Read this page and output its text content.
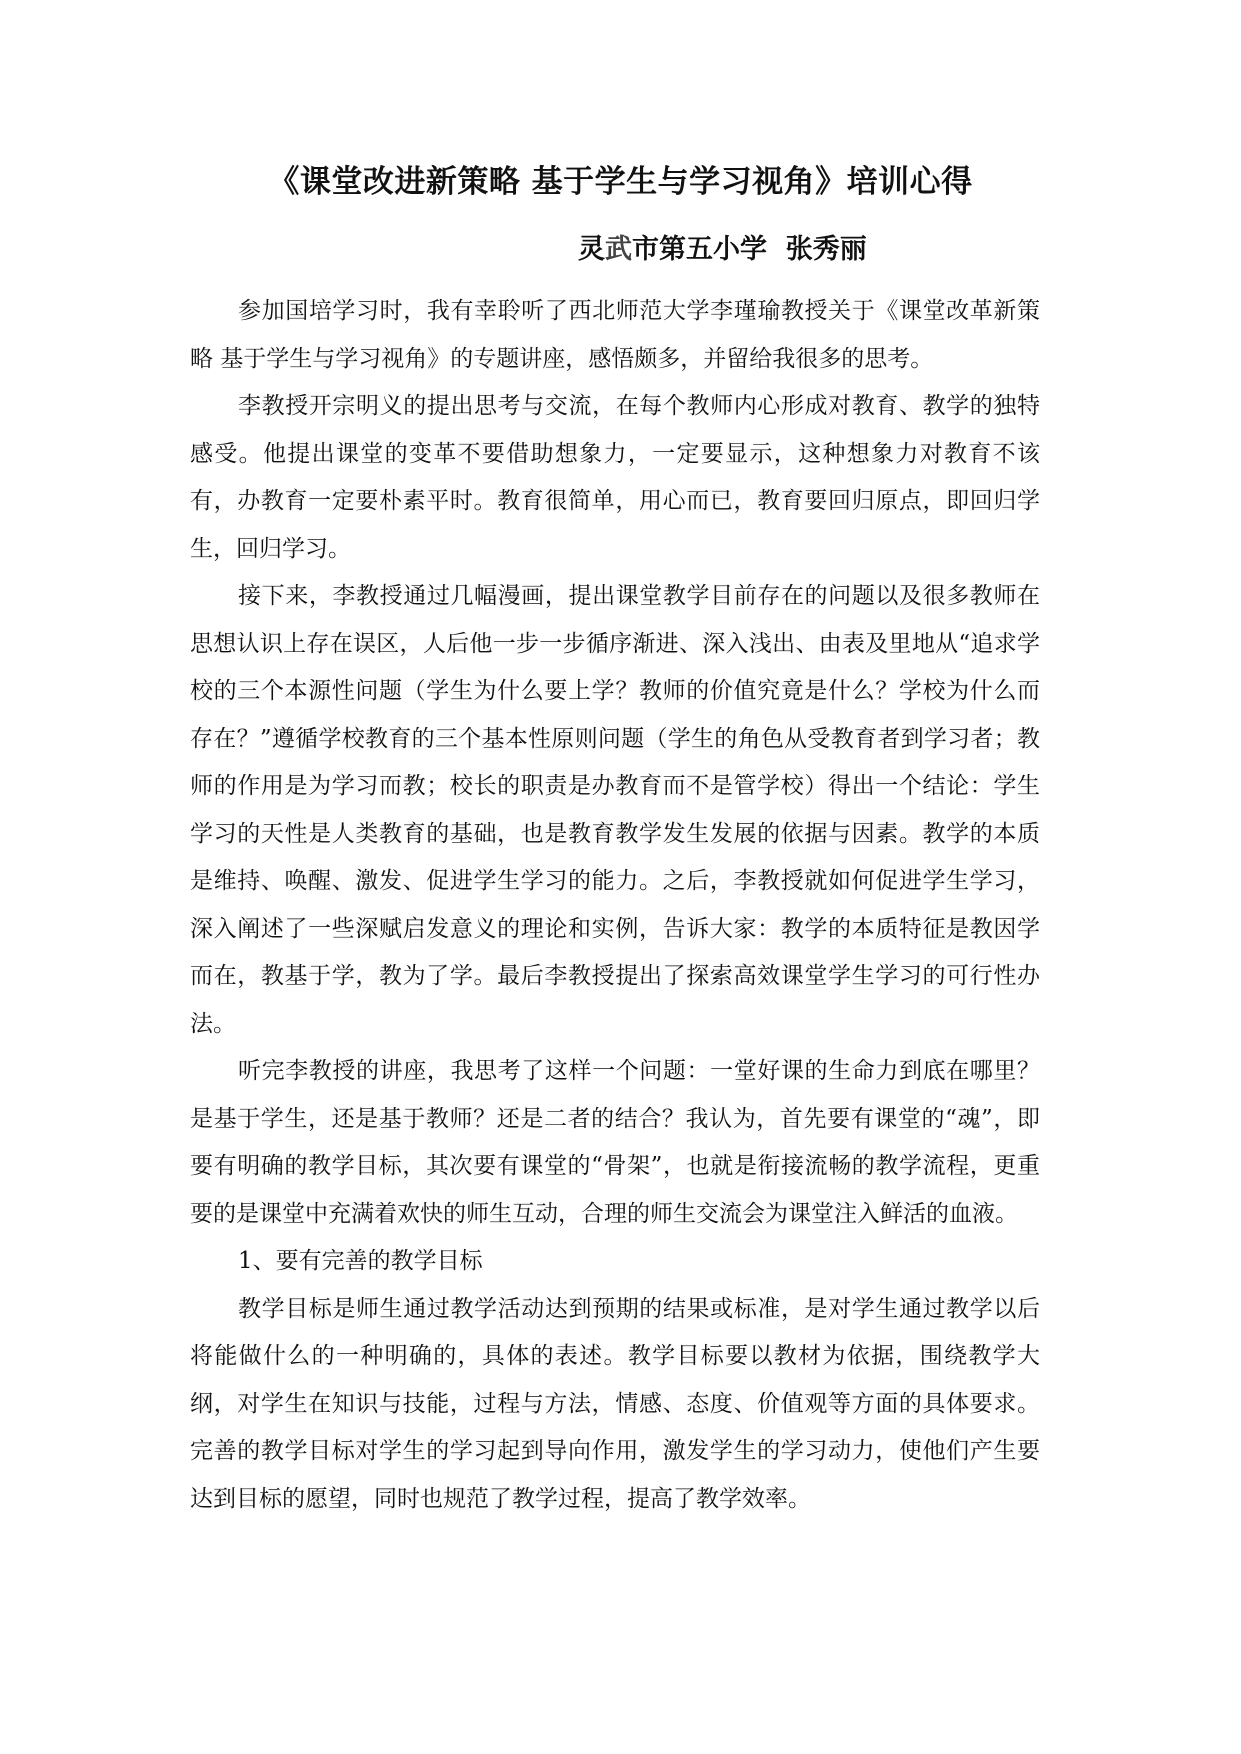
《课堂改进新策略 基于学生与学习视角》培训心得
灵武市第五小学  张秀丽

参加国培学习时，我有幸聆听了西北师范大学李瑾瑜教授关于《课堂改革新策略 基于学生与学习视角》的专题讲座，感悟颇多，并留给我很多的思考。

李教授开宗明义的提出思考与交流，在每个教师内心形成对教育、教学的独特感受。他提出课堂的变革不要借助想象力，一定要显示，这种想象力对教育不该有，办教育一定要朴素平时。教育很简单，用心而已，教育要回归原点，即回归学生，回归学习。

接下来，李教授通过几幅漫画，提出课堂教学目前存在的问题以及很多教师在思想认识上存在误区，人后他一步一步循序渐进、深入浅出、由表及里地从“追求学校的三个本源性问题（学生为什么要上学？教师的价值究竟是什么？学校为什么而存在？”遵循学校教育的三个基本性原则问题（学生的角色从受教育者到学习者；教师的作用是为学习而教；校长的职责是办教育而不是管学校）得出一个结论：学生学习的天性是人类教育的基础，也是教育教学发生发展的依据与因素。教学的本质是维持、唤醒、激发、促进学生学习的能力。之后，李教授就如何促进学生学习，深入阐述了一些深赋启发意义的理论和实例，告诉大家：教学的本质特征是教因学而在，教基于学，教为了学。最后李教授提出了探索高效课堂学生学习的可行性办法。

听完李教授的讲座，我思考了这样一个问题：一堂好课的生命力到底在哪里？是基于学生，还是基于教师？还是二者的结合？我认为，首先要有课堂的“魂”，即要有明确的教学目标，其次要有课堂的“骨架”，也就是衔接流畅的教学流程，更重要的是课堂中充满着欢快的师生互动，合理的师生交流会为课堂注入鲜活的血液。

1、要有完善的教学目标

教学目标是师生通过教学活动达到预期的结果或标准，是对学生通过教学以后将能做什么的一种明确的，具体的表述。教学目标要以教材为依据，围绕教学大纲，对学生在知识与技能，过程与方法，情感、态度、价值观等方面的具体要求。完善的教学目标对学生的学习起到导向作用，激发学生的学习动力，使他们产生要达到目标的愿望，同时也规范了教学过程，提高了教学效率。
